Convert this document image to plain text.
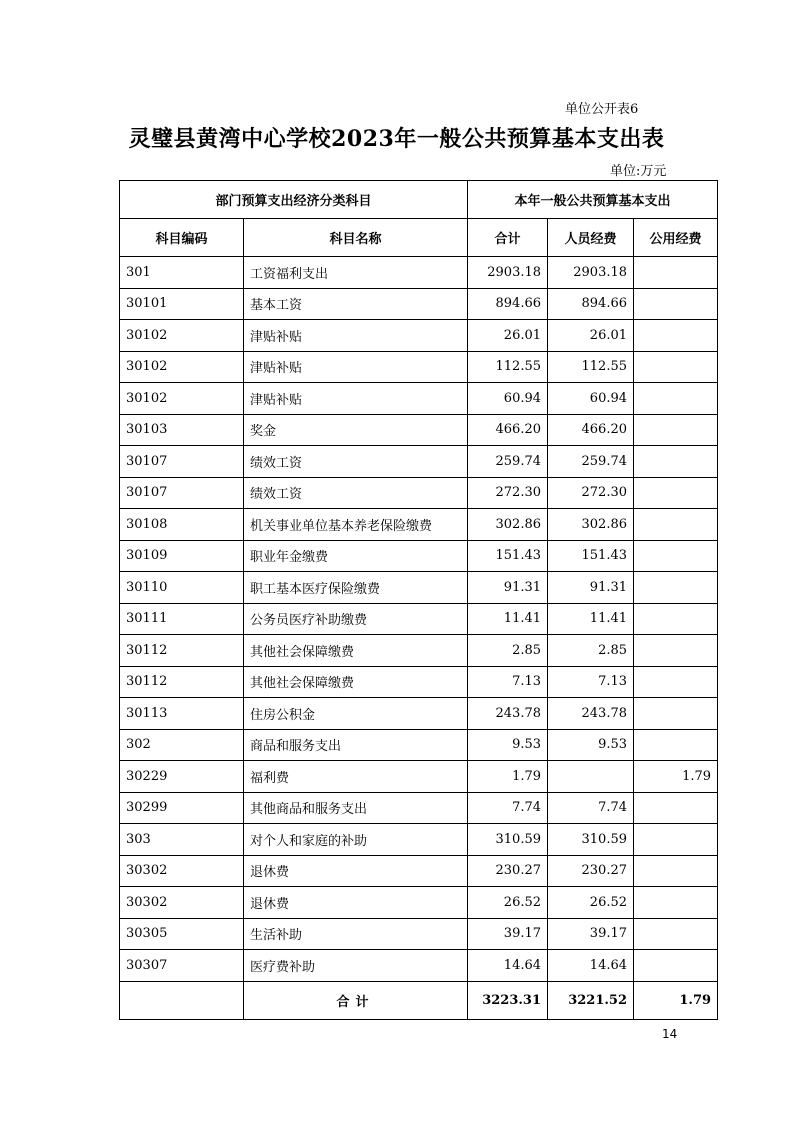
单位公开表6
灵璧县黄湾中心学校2023年一般公共预算基本支出表
单位:万元
部门预算支出经济分类科目		本年一般公共预算基本支出		
科目编码	科目名称	合计	人员经费	公用经费
301	工资福利支出	2903.18	2903.18	
30101	基本工资	894.66	894.66	
30102	津贴补贴	26.01	26.01	
30102	津贴补贴	112.55	112.55	
30102	津贴补贴	60.94	60.94	
30103	奖金	466.20	466.20	
30107	绩效工资	259.74	259.74	
30107	绩效工资	272.30	272.30	
30108	机关事业单位基本养老保险缴费	302.86	302.86	
30109	职业年金缴费	151.43	151.43	
30110	职工基本医疗保险缴费	91.31	91.31	
30111	公务员医疗补助缴费	11.41	11.41	
30112	其他社会保障缴费	2.85	2.85	
30112	其他社会保障缴费	7.13	7.13	
30113	住房公积金	243.78	243.78	
302	商品和服务支出	9.53	9.53	
30229	福利费	1.79		1.79
30299	其他商品和服务支出	7.74	7.74	
303	对个人和家庭的补助	310.59	310.59	
30302	退休费	230.27	230.27	
30302	退休费	26.52	26.52	
30305	生活补助	39.17	39.17	
30307	医疗费补助	14.64	14.64	
	合计	3223.31	3221.52	1.79
14
